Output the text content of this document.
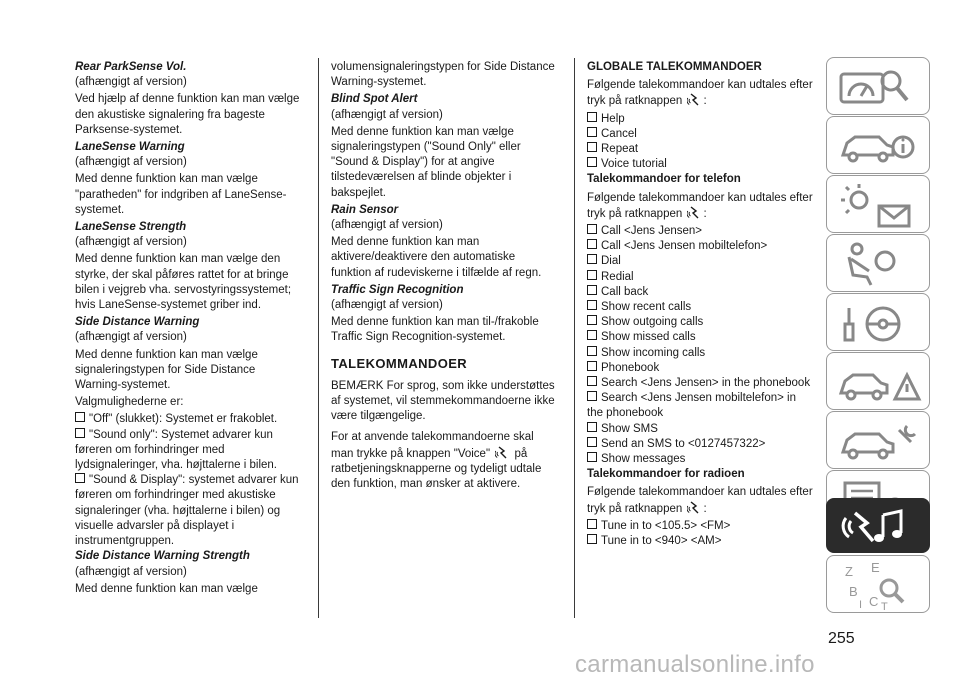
Rear ParkSense Vol.

(afhængigt af version)

Ved hjælp af denne funktion kan man vælge den akustiske signalering fra bageste Parksense-systemet.

LaneSense Warning

(afhængigt af version)

Med denne funktion kan man vælge "paratheden" for indgriben af LaneSense-systemet.

LaneSense Strength

(afhængigt af version)

Med denne funktion kan man vælge den styrke, der skal påføres rattet for at bringe bilen i vejgreb vha. servostyringssystemet; hvis LaneSense-systemet griber ind.

Side Distance Warning

(afhængigt af version)

Med denne funktion kan man vælge signaleringstypen for Side Distance Warning-systemet.

Valgmulighederne er:

"Off" (slukket): Systemet er frakoblet.

"Sound only": Systemet advarer kun føreren om forhindringer med lydsignaleringer, vha. højttalerne i bilen.

"Sound & Display": systemet advarer kun føreren om forhindringer med akustiske signaleringer (vha. højttalerne i bilen) og visuelle advarsler på displayet i instrumentgruppen.

Side Distance Warning Strength

(afhængigt af version)

Med denne funktion kan man vælge

volumensignaleringstypen for Side Distance Warning-systemet.

Blind Spot Alert

(afhængigt af version)

Med denne funktion kan man vælge signaleringstypen ("Sound Only" eller "Sound & Display") for at angive tilstedeværelsen af blinde objekter i bakspejlet.

Rain Sensor

(afhængigt af version)

Med denne funktion kan man aktivere/deaktivere den automatiske funktion af rudeviskerne i tilfælde af regn.

Traffic Sign Recognition

(afhængigt af version)

Med denne funktion kan man til-/frakoble Traffic Sign Recognition-systemet.

TALEKOMMANDOER

BEMÆRK For sprog, som ikke understøttes af systemet, vil stemmekommandoerne ikke være tilgængelige.

For at anvende talekommandoerne skal man trykke på knappen "Voice" på ratbetjeningsknapperne og tydeligt udtale den funktion, man ønsker at aktivere.

GLOBALE TALEKOMMANDOER

Følgende talekommandoer kan udtales efter tryk på ratknappen :

Help

Cancel

Repeat

Voice tutorial

Talekommandoer for telefon

Følgende talekommandoer kan udtales efter tryk på ratknappen :

Call <Jens Jensen>

Call <Jens Jensen mobiltelefon>

Dial

Redial

Call back

Show recent calls

Show outgoing calls

Show missed calls

Show incoming calls

Phonebook

Search <Jens Jensen> in the phonebook

Search <Jens Jensen mobiltelefon> in the phonebook

Show SMS

Send an SMS to <0127457322>

Show messages

Talekommandoer for radioen

Følgende talekommandoer kan udtales efter tryk på ratknappen :

Tune in to <105.5> <FM>

Tune in to <940> <AM>

Z E
B
C
I T
255
carmanualsonline.info
